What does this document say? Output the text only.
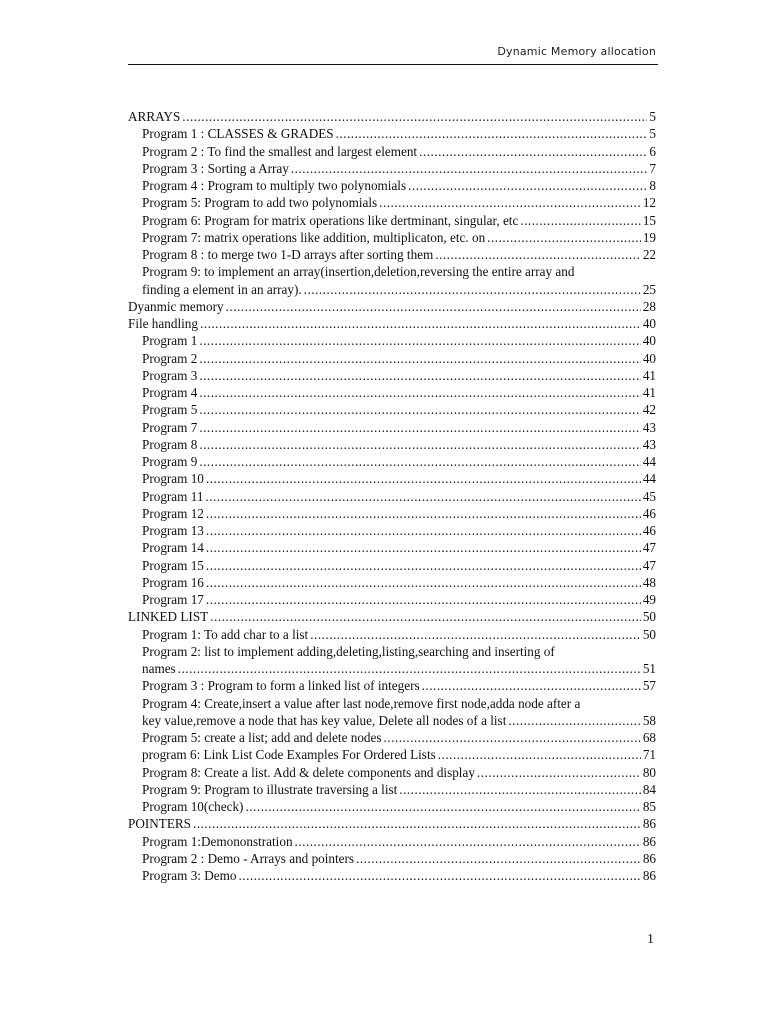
Dynamic Memory allocation
ARRAYS .....	5
Program 1 : CLASSES & GRADES .....	5
Program 2 : To find the smallest and largest element .....	6
Program 3 : Sorting a Array .....	7
Program 4 : Program to multiply two polynomials .....	8
Program 5: Program to add two polynomials .....	12
Program 6: Program for matrix operations like dertminant, singular, etc .....	15
Program 7: matrix operations like addition, multiplicaton, etc. on .....	19
Program 8 : to merge two 1-D arrays after sorting them .....	22
Program 9: to implement an array(insertion,deletion,reversing the entire array and
finding a element in an array). .....	25
Dyanmic memory .....	28
File handling .....	40
Program 1 .....	40
Program 2 .....	40
Program 3 .....	41
Program 4 .....	41
Program 5 .....	42
Program 7 .....	43
Program 8 .....	43
Program 9 .....	44
Program 10 .....	44
Program 11 .....	45
Program 12 .....	46
Program 13 .....	46
Program 14 .....	47
Program 15 .....	47
Program 16 .....	48
Program 17 .....	49
LINKED LIST .....	50
Program 1: To add char to a list .....	50
Program 2: list to implement adding,deleting,listing,searching and inserting of
names .....	51
Program 3 : Program to form a linked list of integers .....	57
Program 4: Create,insert a value after last node,remove first node,adda node after a
key value,remove a node that has key value, Delete all nodes of a list .....	58
Program 5: create a list; add and delete nodes .....	68
program 6: Link List Code Examples For Ordered Lists .....	71
Program 8: Create a list. Add & delete components and display .....	80
Program 9: Program to illustrate traversing a list .....	84
Program 10(check) .....	85
POINTERS .....	86
Program 1:Demononstration .....	86
Program 2 : Demo - Arrays and pointers .....	86
Program 3: Demo .....	86
1
